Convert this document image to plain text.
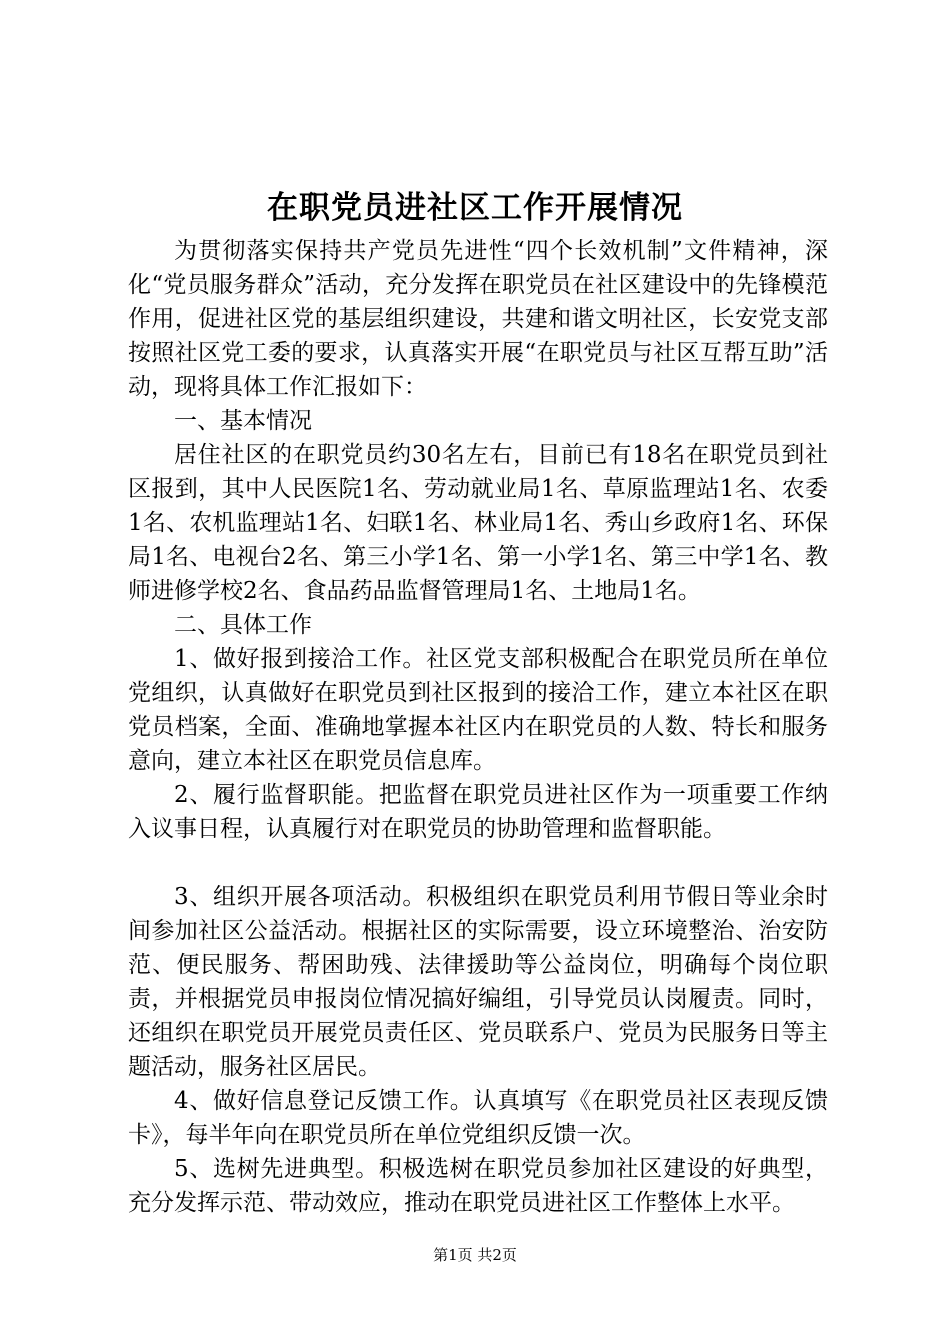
在职党员进社区工作开展情况

为贯彻落实保持共产党员先进性“四个长效机制”文件精神，深化“党员服务群众”活动，充分发挥在职党员在社区建设中的先锋模范作用，促进社区党的基层组织建设，共建和谐文明社区，长安党支部按照社区党工委的要求，认真落实开展“在职党员与社区互帮互助”活动，现将具体工作汇报如下：

一、基本情况

居住社区的在职党员约30名左右，目前已有18名在职党员到社区报到，其中人民医院1名、劳动就业局1名、草原监理站1名、农委1名、农机监理站1名、妇联1名、林业局1名、秀山乡政府1名、环保局1名、电视台2名、第三小学1名、第一小学1名、第三中学1名、教师进修学校2名、食品药品监督管理局1名、土地局1名。

二、具体工作

1、做好报到接洽工作。社区党支部积极配合在职党员所在单位党组织，认真做好在职党员到社区报到的接洽工作，建立本社区在职党员档案，全面、准确地掌握本社区内在职党员的人数、特长和服务意向，建立本社区在职党员信息库。

2、履行监督职能。把监督在职党员进社区作为一项重要工作纳入议事日程，认真履行对在职党员的协助管理和监督职能。

3、组织开展各项活动。积极组织在职党员利用节假日等业余时间参加社区公益活动。根据社区的实际需要，设立环境整治、治安防范、便民服务、帮困助残、法律援助等公益岗位，明确每个岗位职责，并根据党员申报岗位情况搞好编组，引导党员认岗履责。同时，还组织在职党员开展党员责任区、党员联系户、党员为民服务日等主题活动，服务社区居民。

4、做好信息登记反馈工作。认真填写《在职党员社区表现反馈卡》，每半年向在职党员所在单位党组织反馈一次。

5、选树先进典型。积极选树在职党员参加社区建设的好典型，充分发挥示范、带动效应，推动在职党员进社区工作整体上水平。

第1页 共2页
